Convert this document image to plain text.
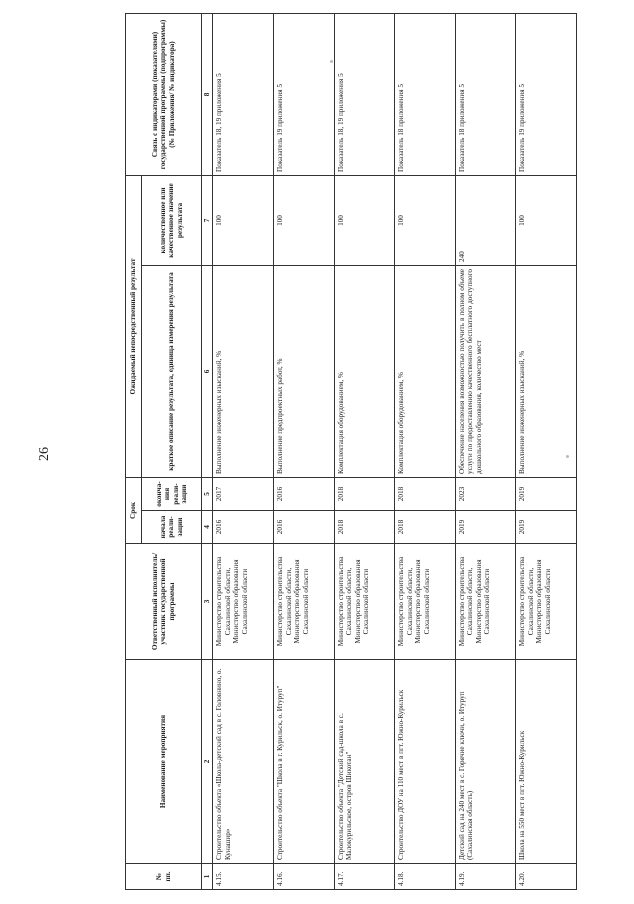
26
№ пп.	Наименование мероприятия	Ответственный исполнитель/участник государственной программы	Срок		Ожидаемый непосредственный результат		Связь с индикаторами (показателями) государственной программы (подпрограммы) (№ Приложения/ № индикатора)
			начала реали-зации	оконча-ния реали-зации	краткое описание результата, единица измерения результата	количественное или качественное значение результата	
1	2	3	4	5	6	7	8
4.15.	Строительство объекта «Школа-детский сад в с. Головнино, о. Кунашир»	Министерство строительства Сахалинской области, Министерство образования Сахалинской области	2016	2017	Выполнение инженерных изысканий, %	100	Показатель 18, 19 приложения 5
4.16.	Строительство объекта "Школа в г. Курильск, о. Итуруп"	Министерство строительства Сахалинской области, Министерство образования Сахалинской области	2016	2016	Выполнение предпроектных работ, %	100	Показатель 19 приложения 5
4.17.	Строительство объекта "Детский сад-школа в с. Малокурильское, остров Шикотан"	Министерство строительства Сахалинской области, Министерство образования Сахалинской области	2018	2018	Комплектация оборудованием, %	100	Показатель 18, 19 приложения 5
4.18.	Строительство ДОУ на 110 мест в пгт. Южно-Курильск	Министерство строительства Сахалинской области, Министерство образования Сахалинской области	2018	2018	Комплектация оборудованием, %	100	Показатель 18 приложения 5
4.19.	Детский сад на 240 мест в с. Горячие ключи, о. Итуруп (Сахалинская область)	Министерство строительства Сахалинской области, Министерство образования Сахалинской области	2019	2023	Обеспечение населения возможностью получить в полном объеме услуги по предоставлению качественного бесплатного доступного дошкольного образования, количество мест	240	Показатель 18 приложения 5
4.20.	Школа на 550 мест в пгт. Южно-Курильск	Министерство строительства Сахалинской области, Министерство образования Сахалинской области	2019	2019	Выполнение инженерных изысканий, %	100	Показатель 19 приложения 5
